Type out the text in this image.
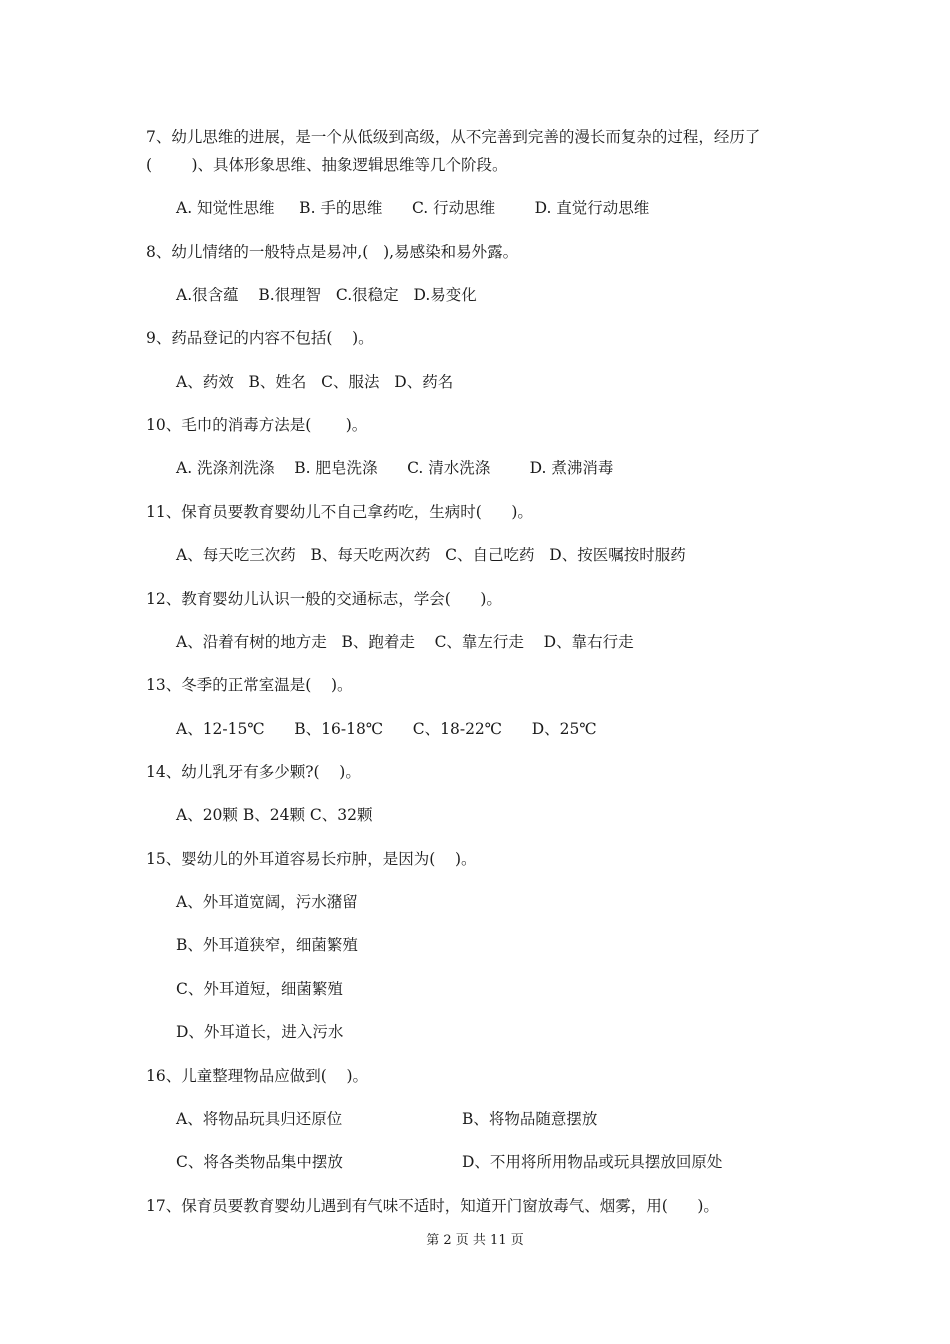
7、幼儿思维的进展，是一个从低级到高级，从不完善到完善的漫长而复杂的过程，经历了
(        )、具体形象思维、抽象逻辑思维等几个阶段。
A. 知觉性思维     B. 手的思维      C. 行动思维        D. 直觉行动思维
8、幼儿情绪的一般特点是易冲,(   ),易感染和易外露。
A.很含蕴    B.很理智   C.很稳定   D.易变化
9、药品登记的内容不包括(    )。
A、药效   B、姓名   C、服法   D、药名
10、毛巾的消毒方法是(       )。
A. 洗涤剂洗涤    B. 肥皂洗涤      C. 清水洗涤        D. 煮沸消毒
11、保育员要教育婴幼儿不自己拿药吃，生病时(      )。
A、每天吃三次药   B、每天吃两次药   C、自己吃药   D、按医嘱按时服药
12、教育婴幼儿认识一般的交通标志，学会(      )。
A、沿着有树的地方走   B、跑着走    C、靠左行走    D、靠右行走
13、冬季的正常室温是(    )。
A、12-15℃      B、16-18℃      C、18-22℃      D、25℃
14、幼儿乳牙有多少颗?(    )。
A、20颗 B、24颗 C、32颗
15、婴幼儿的外耳道容易长疖肿，是因为(    )。
A、外耳道宽阔，污水潴留
B、外耳道狭窄，细菌繁殖
C、外耳道短，细菌繁殖
D、外耳道长，进入污水
16、儿童整理物品应做到(    )。
A、将物品玩具归还原位	B、将物品随意摆放
C、将各类物品集中摆放	D、不用将所用物品或玩具摆放回原处
17、保育员要教育婴幼儿遇到有气味不适时，知道开门窗放毒气、烟雾，用(      )。
第 2 页 共 11 页
